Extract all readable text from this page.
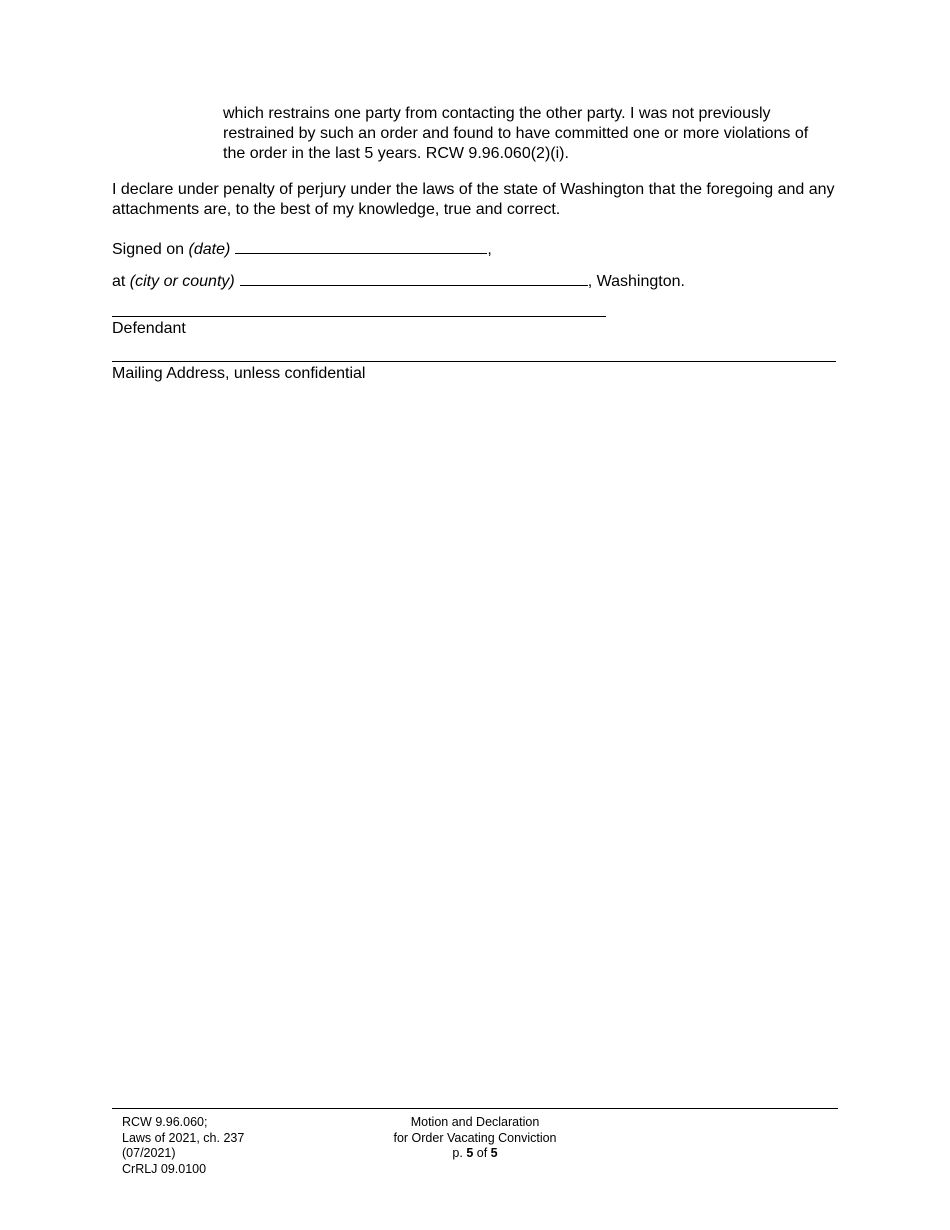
which restrains one party from contacting the other party. I was not previously restrained by such an order and found to have committed one or more violations of the order in the last 5 years. RCW 9.96.060(2)(i).

I declare under penalty of perjury under the laws of the state of Washington that the foregoing and any attachments are, to the best of my knowledge, true and correct.

Signed on (date)	,

at (city or county)	, Washington.

Defendant
Mailing Address, unless confidential
RCW 9.96.060;
Laws of 2021, ch. 237
(07/2021)
CrRLJ 09.0100
Motion and Declaration
for Order Vacating Conviction
p. 5 of 5
